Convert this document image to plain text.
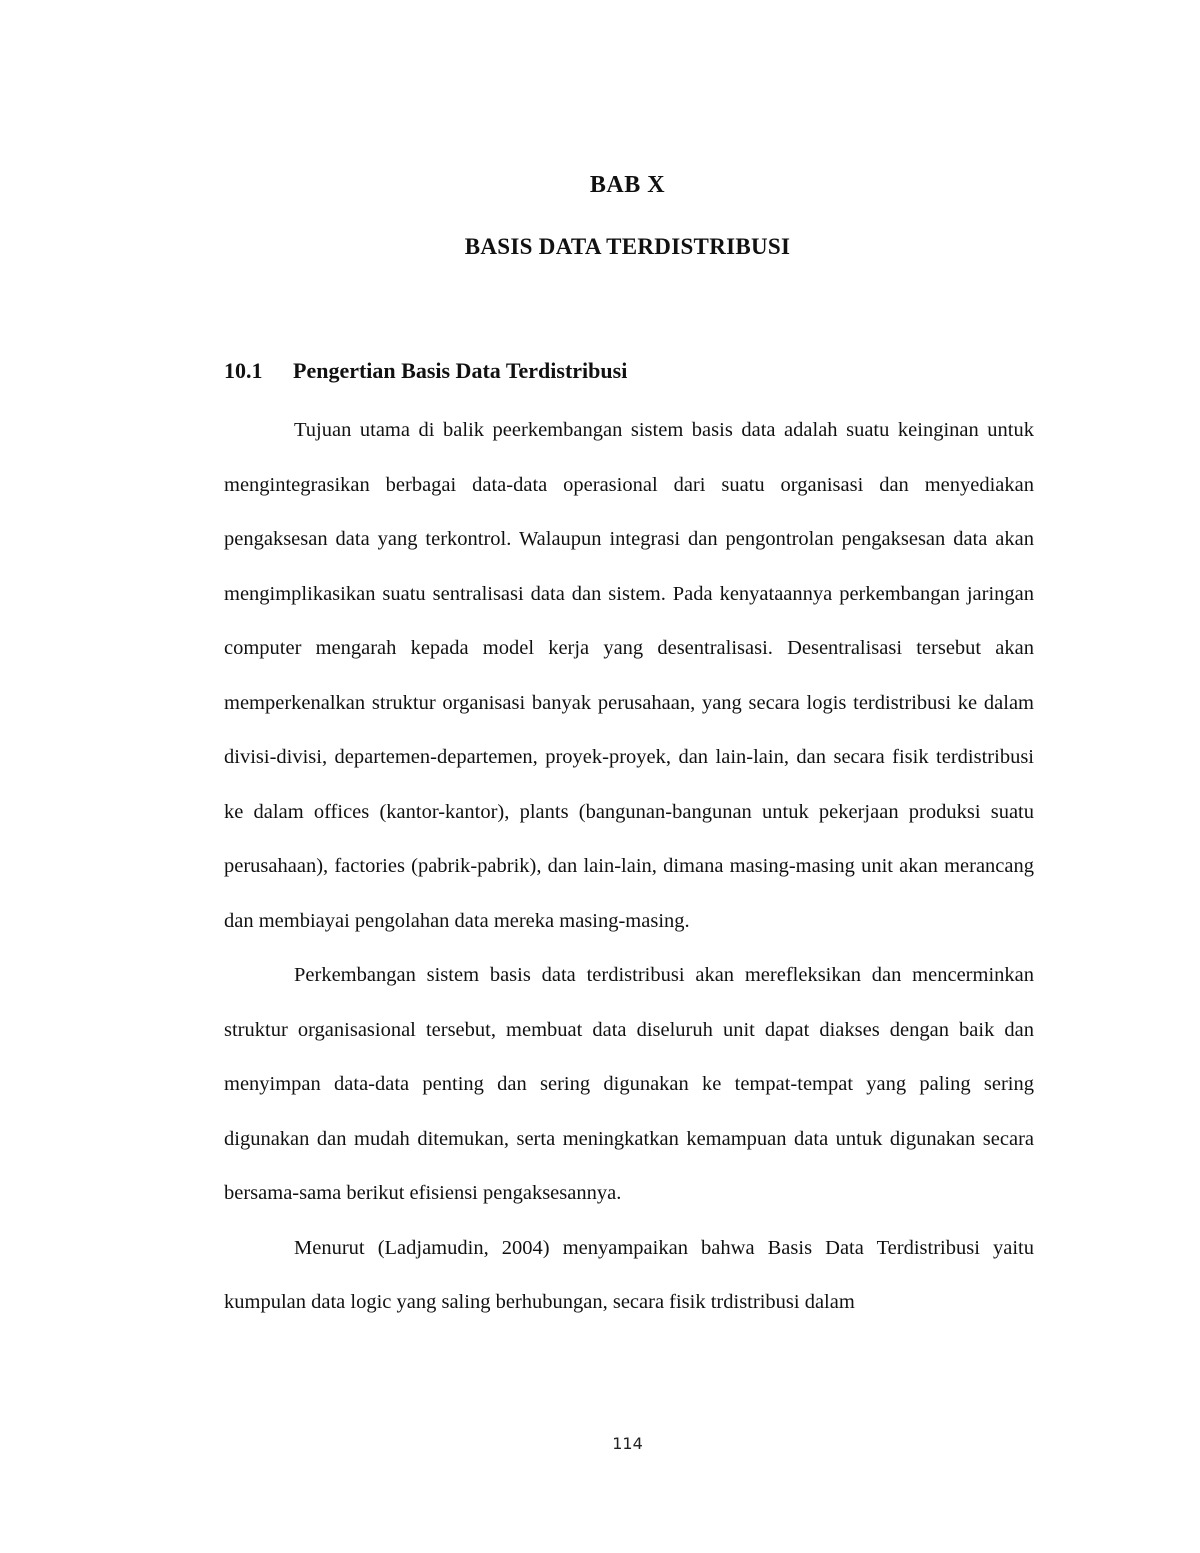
BAB X
BASIS DATA TERDISTRIBUSI
10.1 Pengertian Basis Data Terdistribusi

Tujuan utama di balik peerkembangan sistem basis data adalah suatu keinginan untuk mengintegrasikan berbagai data-data operasional dari suatu organisasi dan menyediakan pengaksesan data yang terkontrol. Walaupun integrasi dan pengontrolan pengaksesan data akan mengimplikasikan suatu sentralisasi data dan sistem. Pada kenyataannya perkembangan jaringan computer mengarah kepada model kerja yang desentralisasi. Desentralisasi tersebut akan memperkenalkan struktur organisasi banyak perusahaan, yang secara logis terdistribusi ke dalam divisi-divisi, departemen-departemen, proyek-proyek, dan lain-lain, dan secara fisik terdistribusi ke dalam offices (kantor-kantor), plants (bangunan-bangunan untuk pekerjaan produksi suatu perusahaan), factories (pabrik-pabrik), dan lain-lain, dimana masing-masing unit akan merancang dan membiayai pengolahan data mereka masing-masing.

Perkembangan sistem basis data terdistribusi akan merefleksikan dan mencerminkan struktur organisasional tersebut, membuat data diseluruh unit dapat diakses dengan baik dan menyimpan data-data penting dan sering digunakan ke tempat-tempat yang paling sering digunakan dan mudah ditemukan, serta meningkatkan kemampuan data untuk digunakan secara bersama-sama berikut efisiensi pengaksesannya.

Menurut (Ladjamudin, 2004) menyampaikan bahwa Basis Data Terdistribusi yaitu kumpulan data logic yang saling berhubungan, secara fisik trdistribusi dalam

114
